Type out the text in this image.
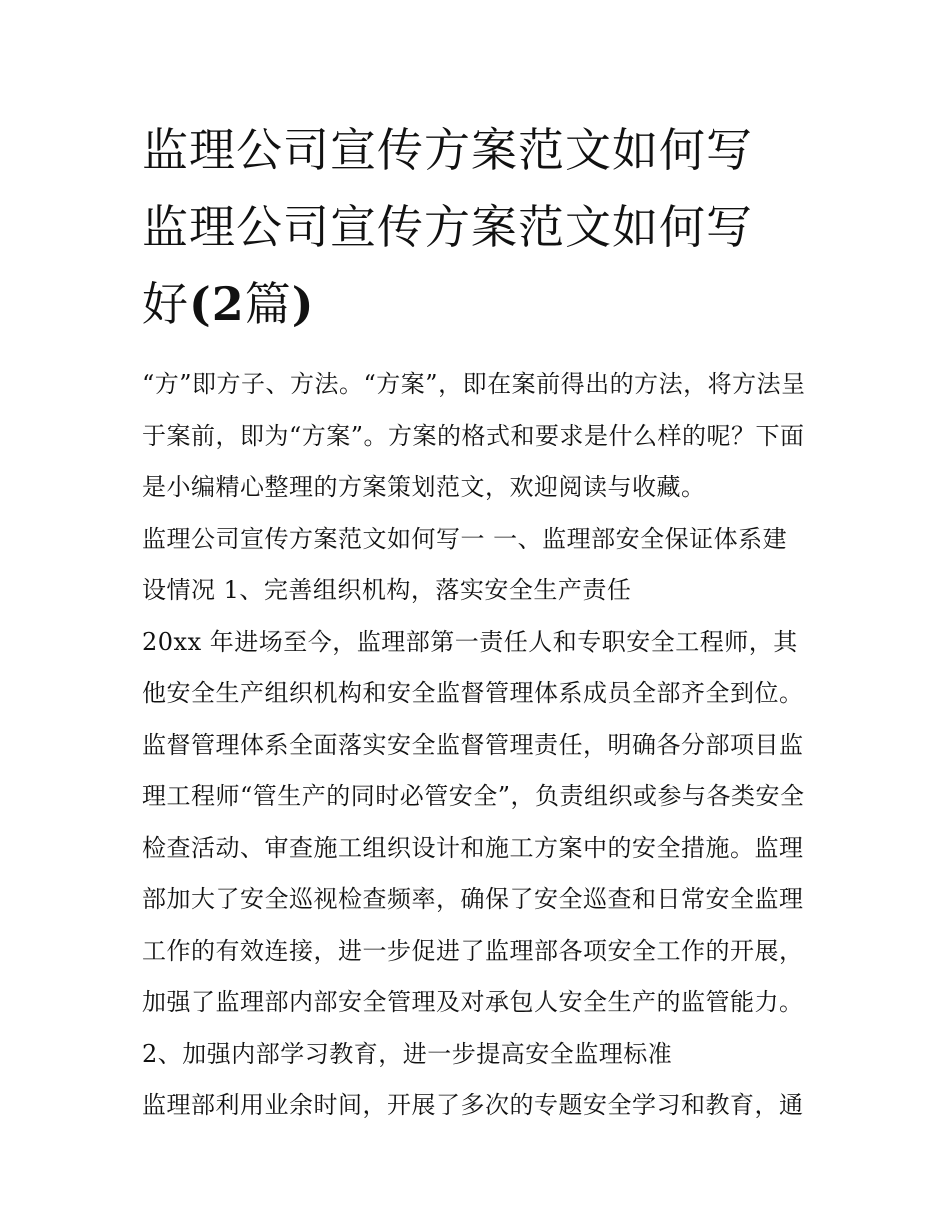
监理公司宣传方案范文如何写
监理公司宣传方案范文如何写
好(2篇)
“方”即方子、方法。“方案”，即在案前得出的方法，将方法呈
于案前，即为“方案”。方案的格式和要求是什么样的呢？下面
是小编精心整理的方案策划范文，欢迎阅读与收藏。
监理公司宣传方案范文如何写一 一、监理部安全保证体系建
设情况 1、完善组织机构，落实安全生产责任
20xx 年进场至今，监理部第一责任人和专职安全工程师，其
他安全生产组织机构和安全监督管理体系成员全部齐全到位。
监督管理体系全面落实安全监督管理责任，明确各分部项目监
理工程师“管生产的同时必管安全”，负责组织或参与各类安全
检查活动、审查施工组织设计和施工方案中的安全措施。监理
部加大了安全巡视检查频率，确保了安全巡查和日常安全监理
工作的有效连接，进一步促进了监理部各项安全工作的开展，
加强了监理部内部安全管理及对承包人安全生产的监管能力。
2、加强内部学习教育，进一步提高安全监理标准
监理部利用业余时间，开展了多次的专题安全学习和教育，通
